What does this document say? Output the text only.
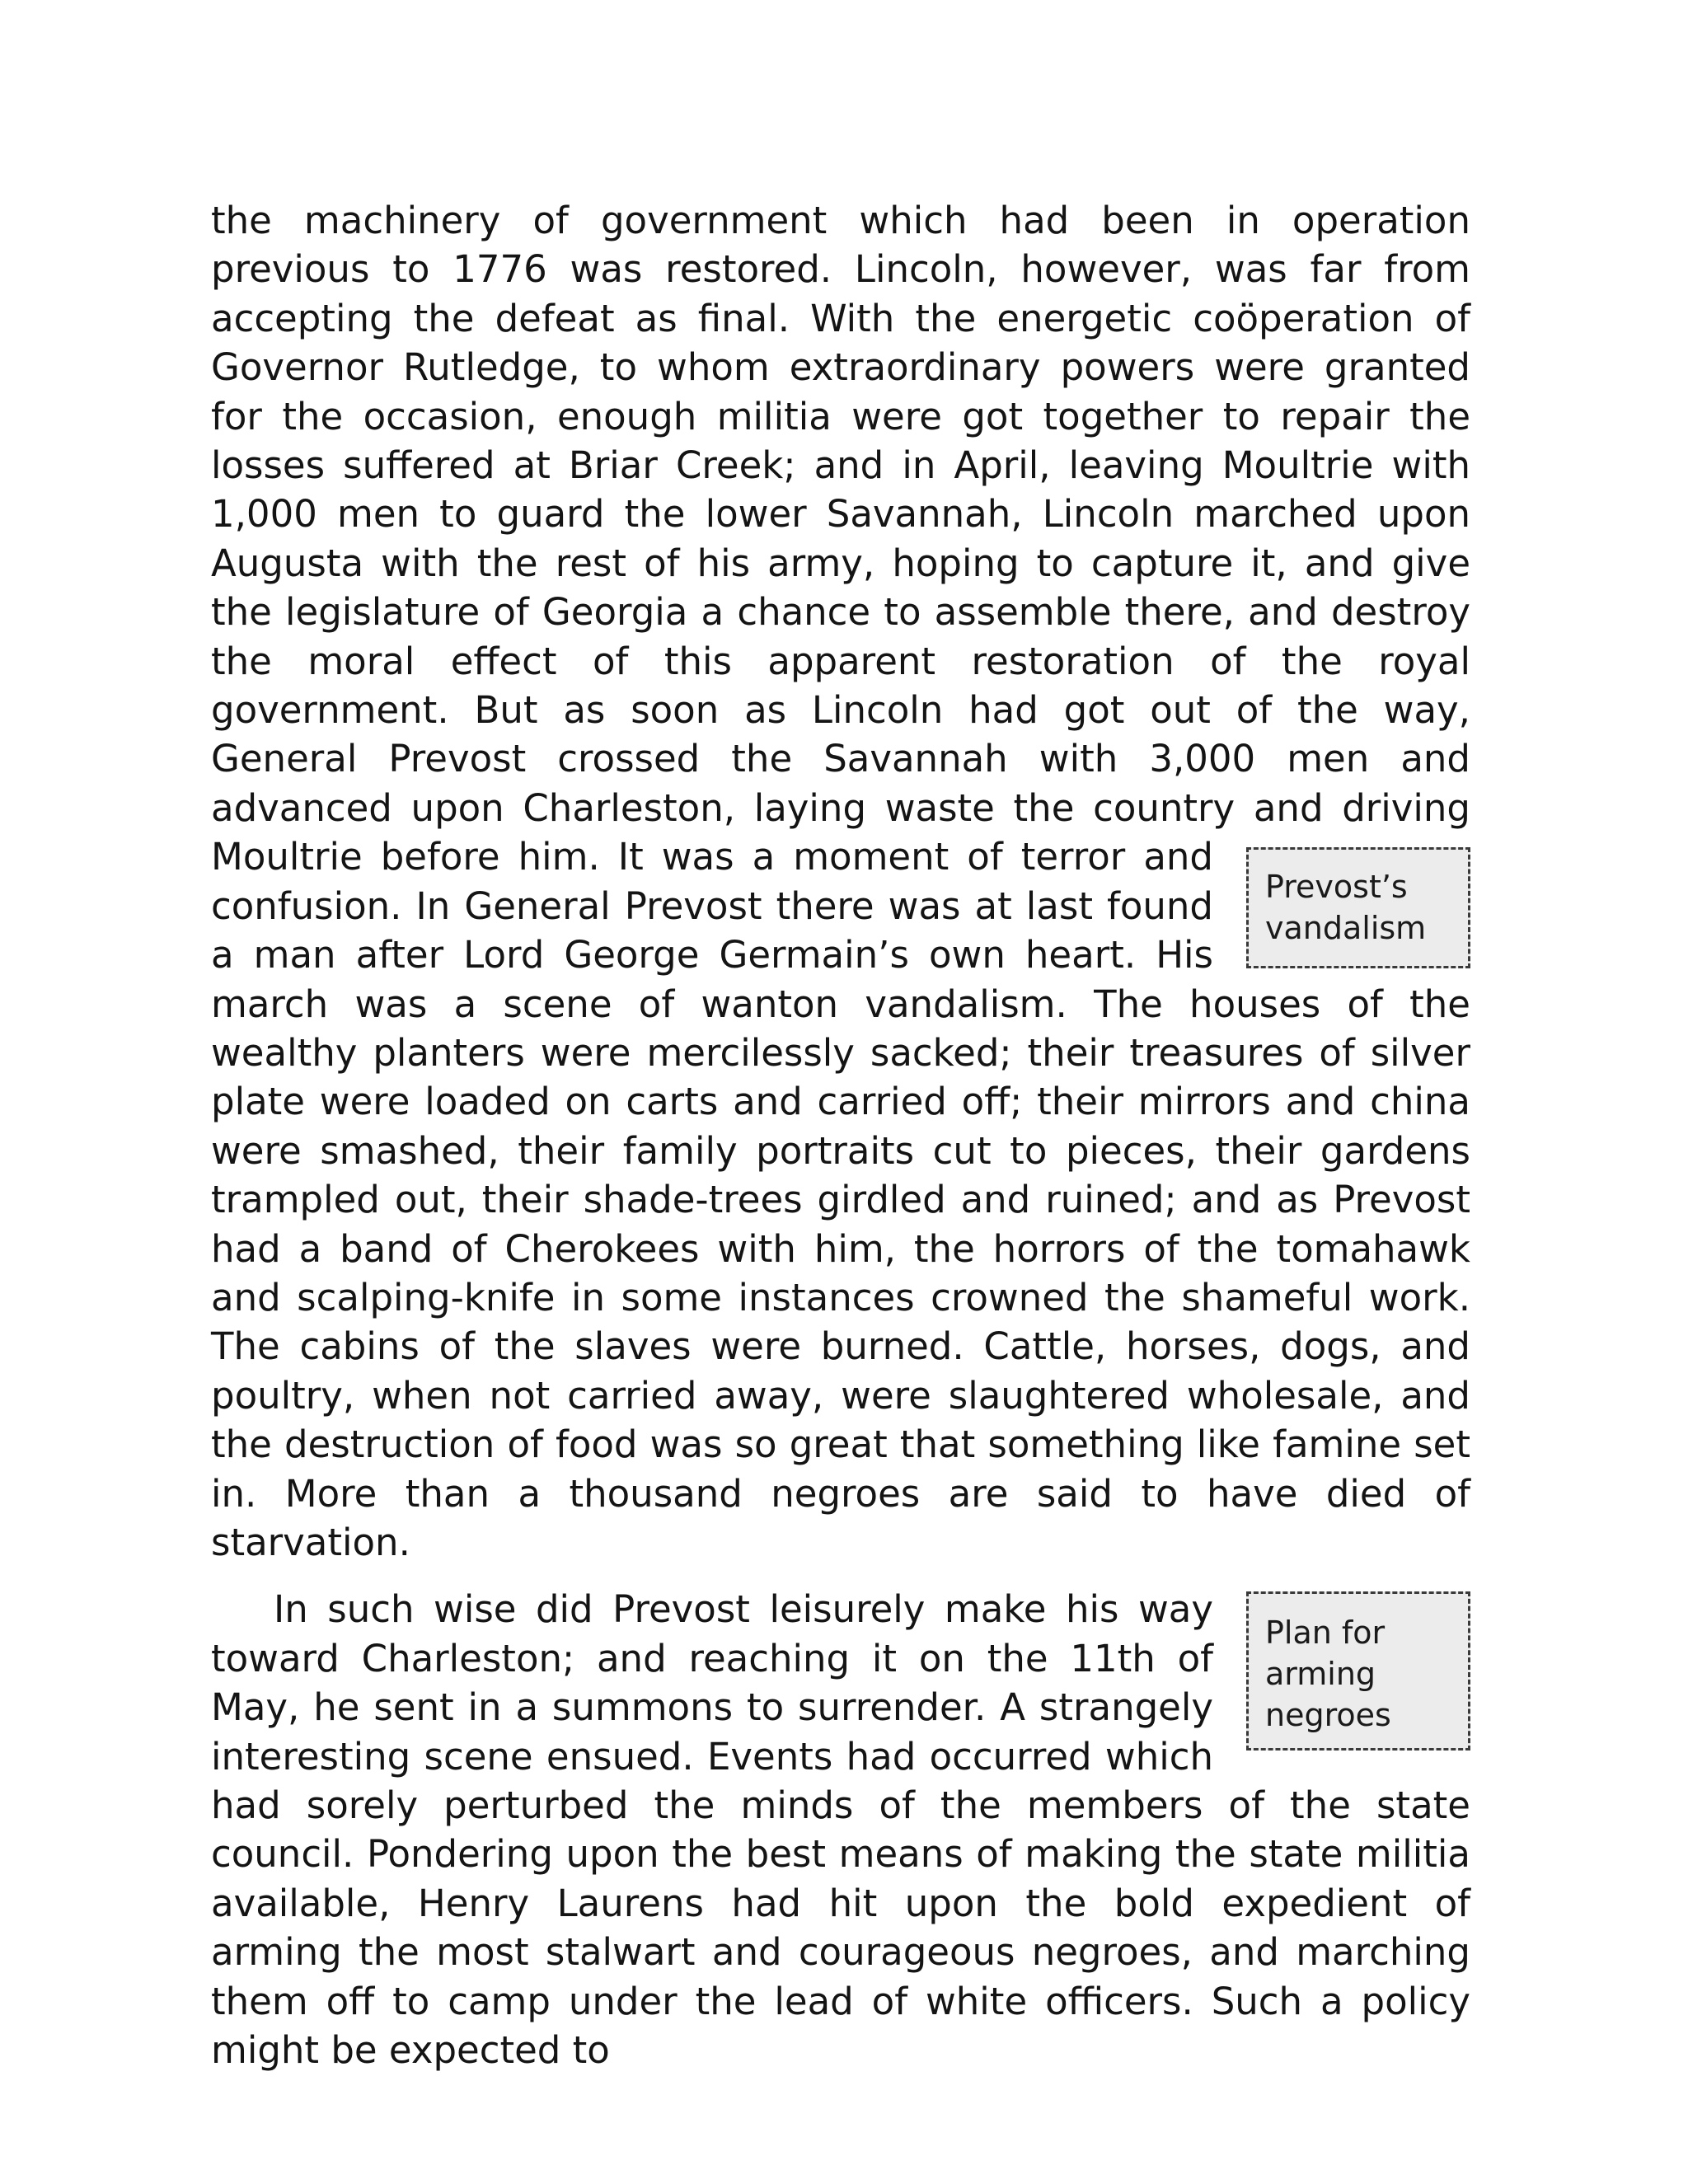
the machinery of government which had been in operation previous to 1776 was restored. Lincoln, however, was far from accepting the defeat as final. With the energetic coöperation of Governor Rutledge, to whom extraordinary powers were granted for the occasion, enough militia were got together to repair the losses suffered at Briar Creek; and in April, leaving Moultrie with 1,000 men to guard the lower Savannah, Lincoln marched upon Augusta with the rest of his army, hoping to capture it, and give the legislature of Georgia a chance to assemble there, and destroy the moral effect of this apparent restoration of the royal government. But as soon as Lincoln had got out of the way, General Prevost crossed the Savannah with 3,000 men and advanced upon Charleston, laying waste the country and driving Moultrie before him. It was a moment of terror and
Prevost’s vandalism
confusion. In General Prevost there was at last found a man after Lord George Germain’s own heart. His march was a scene of wanton vandalism. The houses of the wealthy planters were mercilessly sacked; their treasures of silver plate were loaded on carts and carried off; their mirrors and china were smashed, their family portraits cut to pieces, their gardens trampled out, their shade-trees girdled and ruined; and as Prevost had a band of Cherokees with him, the horrors of the tomahawk and scalping-knife in some instances crowned the shameful work. The cabins of the slaves were burned. Cattle, horses, dogs, and poultry, when not carried away, were slaughtered wholesale, and the destruction of food was so great that something like famine set in. More than a thousand negroes are said to have died of starvation.

Plan for arming negroes
In such wise did Prevost leisurely make his way toward Charleston; and reaching it on the 11th of May, he sent in a summons to surrender. A strangely interesting scene ensued. Events had occurred which had sorely perturbed the minds of the members of the state council. Pondering upon the best means of making the state militia available, Henry Laurens had hit upon the bold expedient of arming the most stalwart and courageous negroes, and marching them off to camp under the lead of white officers. Such a policy might be expected to
